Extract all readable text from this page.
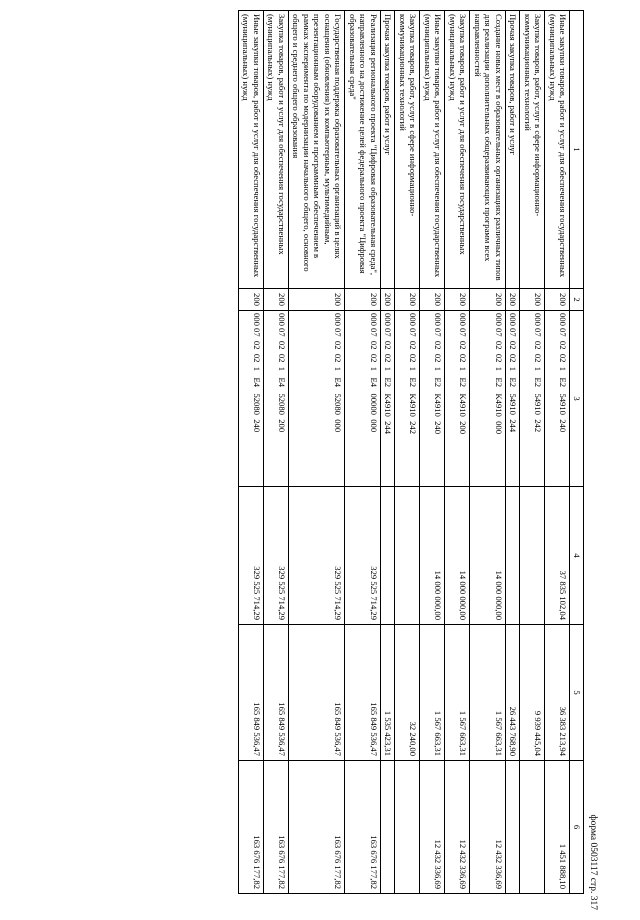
форма 0503117 стр. 317
1	2	3	4	5	6
Иные закупки товаров, работ и услуг для обеспечения государственных (муниципальных) нужд	200	000 07  02  02  1   E2   54910  240	37 835 102,04	36 383 213,94	1 451 888,10
Закупка товаров, работ, услуг в сфере информационно-коммуникационных технологий	200	000 07  02  02  1   E2   54910  242		9 939 445,04	
Прочая закупка товаров, работ и услуг	200	000 07  02  02  1   E2   54910  244		26 443 768,90	
Создание новых мест в образовательных организациях различных типов для реализации дополнительных общеразвивающих программ всех направленностей	200	000 07  02  02  1   E2   K4910  000	14 000 000,00	1 567 663,31	12 432 336,69
Закупка товаров, работ и услуг для обеспечения государственных (муниципальных) нужд	200	000 07  02  02  1   E2   K4910  200	14 000 000,00	1 567 663,31	12 432 336,69
Иные закупки товаров, работ и услуг для обеспечения государственных (муниципальных) нужд	200	000 07  02  02  1   E2   K4910  240	14 000 000,00	1 567 663,31	12 432 336,69
Закупка товаров, работ, услуг в сфере информационно-коммуникационных технологий	200	000 07  02  02  1   E2   K4910  242		32 240,00	
Прочая закупка товаров, работ и услуг	200	000 07  02  02  1   E2   K4910  244		1 535 423,31	
Реализация регионального проекта "Цифровая образовательная среда", направленного на достижение целей федерального проекта "Цифровая образовательная среда"	200	000 07  02  02  1   E4   00000  000	329 525 714,29	165 849 536,47	163 676 177,82
Государственная поддержка образовательных организаций в целях оснащения (обновления) их компьютерным, мультимедийным, презентационным оборудованием и программным обеспечением в рамках эксперимента по модернизации начального общего, основного общего и среднего общего образования	200	000 07  02  02  1   E4   52080  000	329 525 714,29	165 849 536,47	163 676 177,82
Закупка товаров, работ и услуг для обеспечения государственных (муниципальных) нужд	200	000 07  02  02  1   E4   52080  200	329 525 714,29	165 849 536,47	163 676 177,82
Иные закупки товаров, работ и услуг для обеспечения государственных (муниципальных) нужд	200	000 07  02  02  1   E4   52080  240	329 525 714,29	165 849 536,47	163 676 177,82
